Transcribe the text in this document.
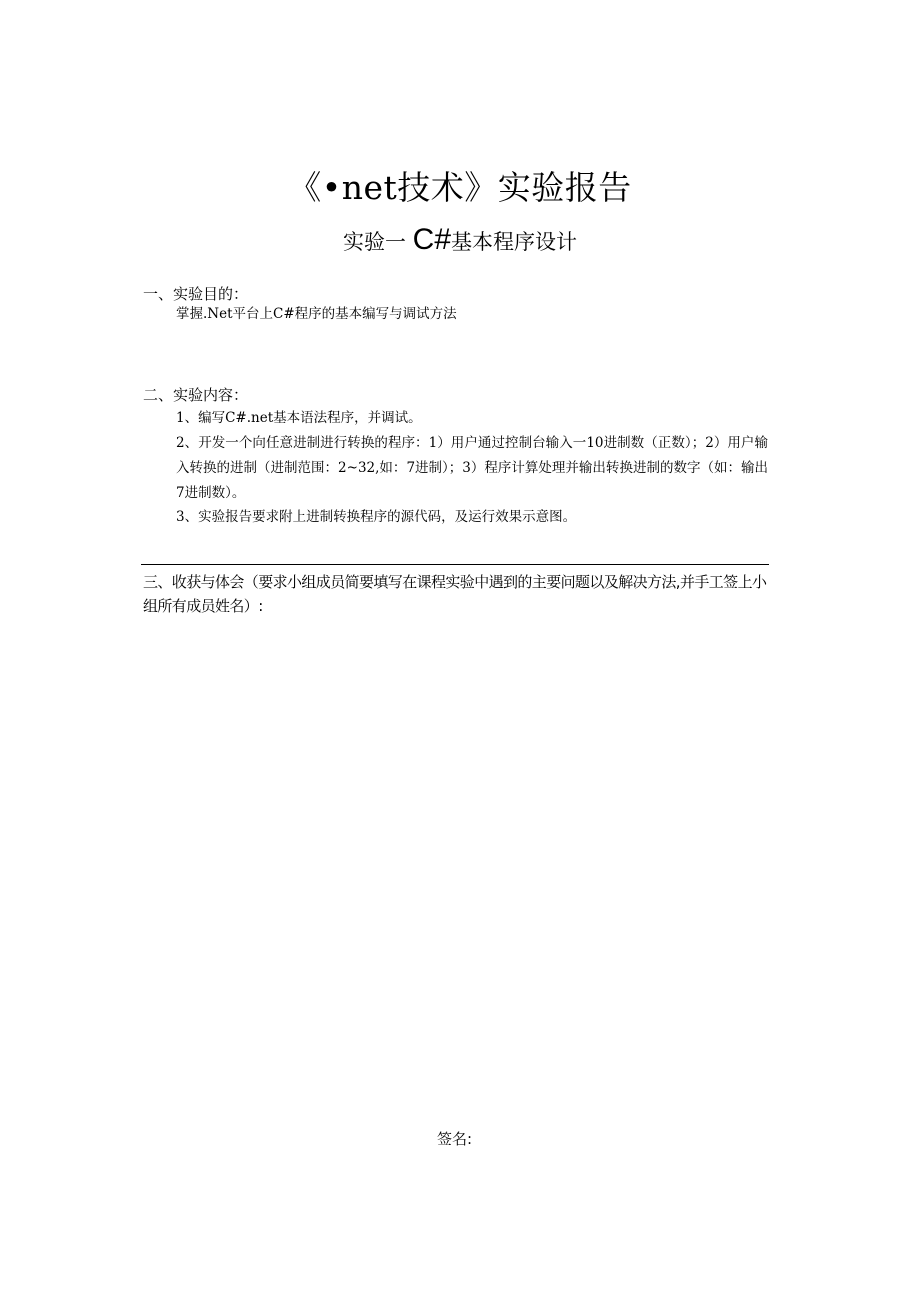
《•net技术》实验报告
实验一 C#基本程序设计
一、实验目的：
掌握.Net平台上C#程序的基本编写与调试方法
二、实验内容：
1、编写C#.net基本语法程序，并调试。
2、开发一个向任意进制进行转换的程序：1）用户通过控制台输入一10进制数（正数）；2）用户输入转换的进制（进制范围：2~32,如：7进制）；3）程序计算处理并输出转换进制的数字（如：输出7进制数）。
3、实验报告要求附上进制转换程序的源代码，及运行效果示意图。
三、收获与体会（要求小组成员简要填写在课程实验中遇到的主要问题以及解决方法,并手工签上小组所有成员姓名）:
签名:
